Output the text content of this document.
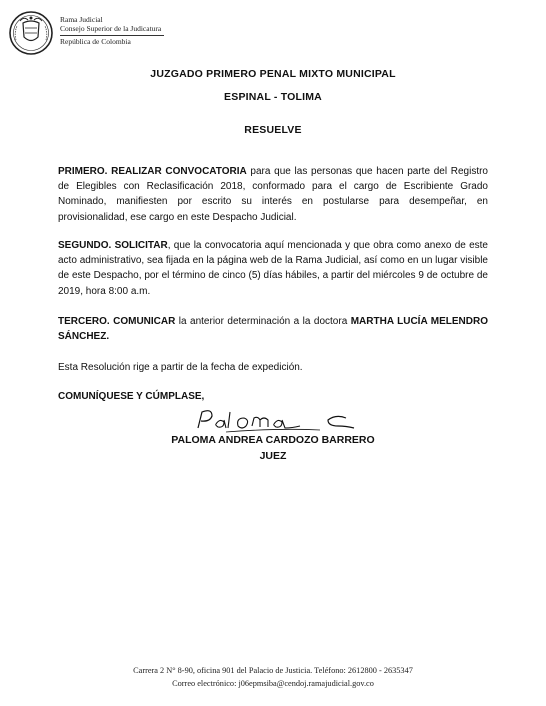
Rama Judicial
Consejo Superior de la Judicatura
República de Colombia
JUZGADO PRIMERO PENAL MIXTO MUNICIPAL
ESPINAL - TOLIMA
RESUELVE
PRIMERO. REALIZAR CONVOCATORIA para que las personas que hacen parte del Registro de Elegibles con Reclasificación 2018, conformado para el cargo de Escribiente Grado Nominado, manifiesten por escrito su interés en postularse para desempeñar, en provisionalidad, ese cargo en este Despacho Judicial.
SEGUNDO. SOLICITAR, que la convocatoria aquí mencionada y que obra como anexo de este acto administrativo, sea fijada en la página web de la Rama Judicial, así como en un lugar visible de este Despacho, por el término de cinco (5) días hábiles, a partir del miércoles 9 de octubre de 2019, hora 8:00 a.m.
TERCERO. COMUNICAR la anterior determinación a la doctora MARTHA LUCÍA MELENDRO SÁNCHEZ.
Esta Resolución rige a partir de la fecha de expedición.
COMUNÍQUESE Y CÚMPLASE,
PALOMA ANDREA CARDOZO BARRERO
JUEZ
Carrera 2 N° 8-90, oficina 901 del Palacio de Justicia. Teléfono: 2612800 - 2635347
Correo electrónico: j06epmsiba@cendoj.ramajudicial.gov.co
